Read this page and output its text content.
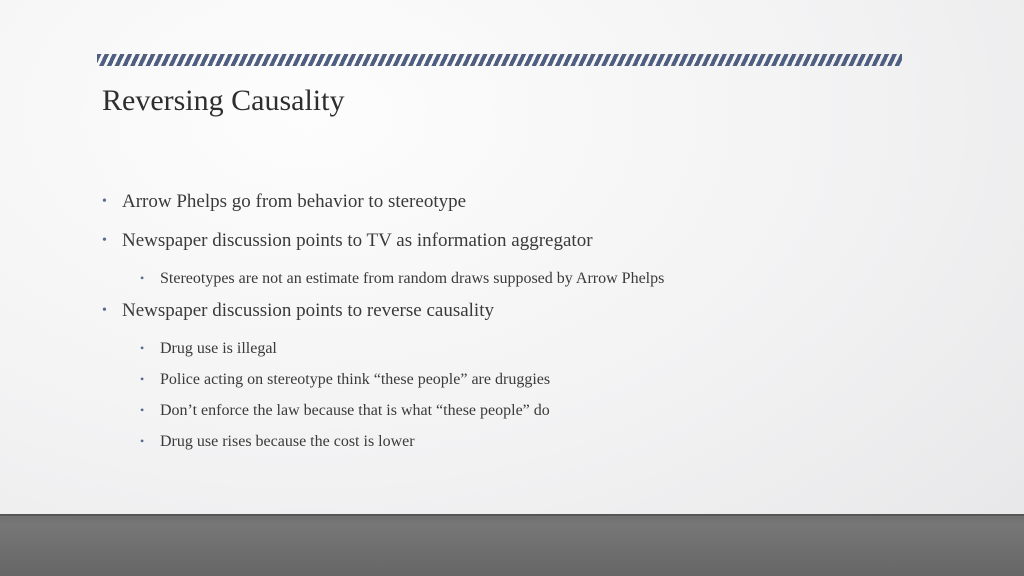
Reversing Causality
• Arrow Phelps go from behavior to stereotype
• Newspaper discussion points to TV as information aggregator
• Stereotypes are not an estimate from random draws supposed by Arrow Phelps
• Newspaper discussion points to reverse causality
• Drug use is illegal
• Police acting on stereotype think “these people” are druggies
• Don’t enforce the law because that is what “these people” do
• Drug use rises because the cost is lower
